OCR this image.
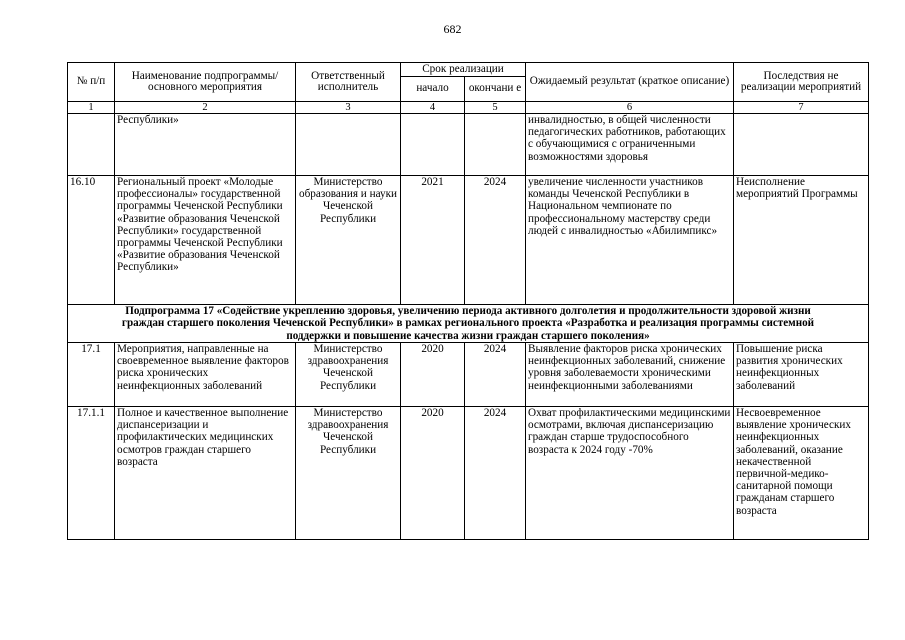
682
№ п/п	Наименование подпрограммы/ основного мероприятия	Ответственный исполнитель	Срок реализации		Ожидаемый результат (краткое описание)	Последствия не реализации мероприятий
			начало	окончани е		
1	2	3	4	5	6	7
	Республики»				инвалидностью, в общей численности педагогических работников, работающих с обучающимися с ограниченными возможностями здоровья	
16.10	Региональный проект «Молодые профессионалы» государственной программы Чеченской Республики «Развитие образования Чеченской Республики» государственной программы Чеченской Республики «Развитие образования Чеченской Республики»	Министерство образования и науки Чеченской Республики	2021	2024	увеличение численности участников команды Чеченской Республики в Национальном чемпионате по профессиональному мастерству среди людей с инвалидностью «Абилимпикс»	Неисполнение мероприятий Программы

Подпрограмма 17 «Содействие укреплению здоровья, увеличению периода активного долголетия и продолжительности здоровой жизни
граждан старшего поколения Чеченской Республики» в рамках регионального проекта «Разработка и реализация программы системной
поддержки и повышение качества жизни граждан старшего поколения»						

17.1	Мероприятия, направленные на своевременное выявление факторов риска хронических неинфекционных заболеваний	Министерство здравоохранения Чеченской Республики	2020	2024	Выявление факторов риска хронических неинфекционных заболеваний, снижение уровня заболеваемости хроническими неинфекционными заболеваниями	Повышение риска развития хронических неинфекционных заболеваний
17.1.1	Полное и качественное выполнение диспансеризации и профилактических медицинских осмотров граждан старшего возраста	Министерство здравоохранения Чеченской Республики	2020	2024	Охват профилактическими медицинскими осмотрами, включая диспансеризацию граждан старше трудоспособного возраста к 2024 году -70%	Несвоевременное выявление хронических неинфекционных заболеваний, оказание некачественной первичной-медико-санитарной помощи гражданам старшего возраста
